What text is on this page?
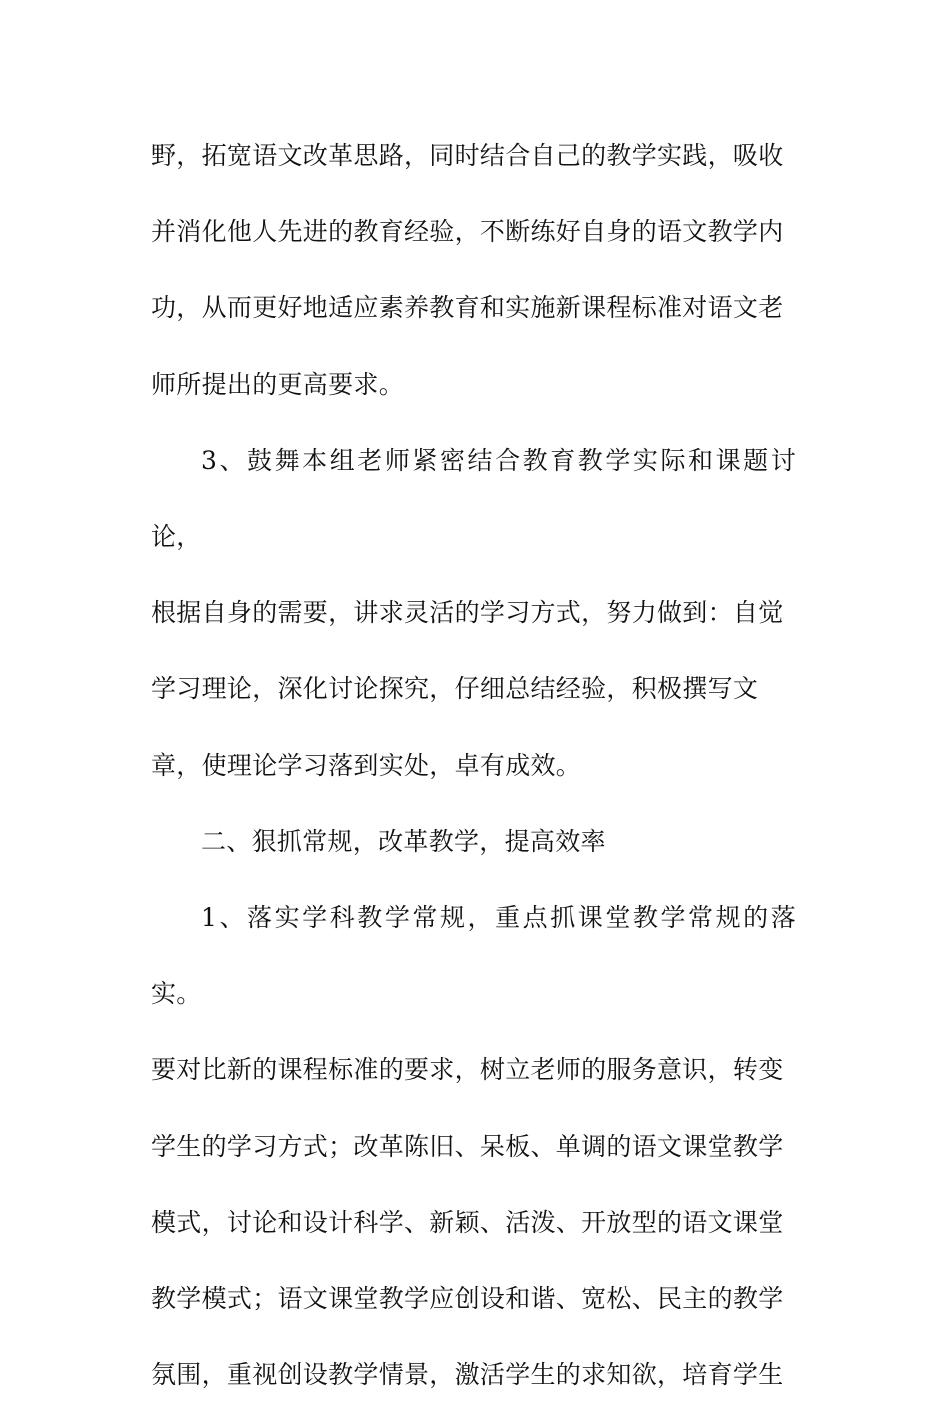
野，拓宽语文改革思路，同时结合自己的教学实践，吸收
并消化他人先进的教育经验，不断练好自身的语文教学内
功，从而更好地适应素养教育和实施新课程标准对语文老
师所提出的更高要求。

3、鼓舞本组老师紧密结合教育教学实际和课题讨论，
根据自身的需要，讲求灵活的学习方式，努力做到：自觉
学习理论，深化讨论探究，仔细总结经验，积极撰写文
章，使理论学习落到实处，卓有成效。

二、狠抓常规，改革教学，提高效率

1、落实学科教学常规，重点抓课堂教学常规的落实。
要对比新的课程标准的要求，树立老师的服务意识，转变
学生的学习方式；改革陈旧、呆板、单调的语文课堂教学
模式，讨论和设计科学、新颖、活泼、开放型的语文课堂
教学模式；语文课堂教学应创设和谐、宽松、民主的教学
氛围，重视创设教学情景，激活学生的求知欲，培育学生
